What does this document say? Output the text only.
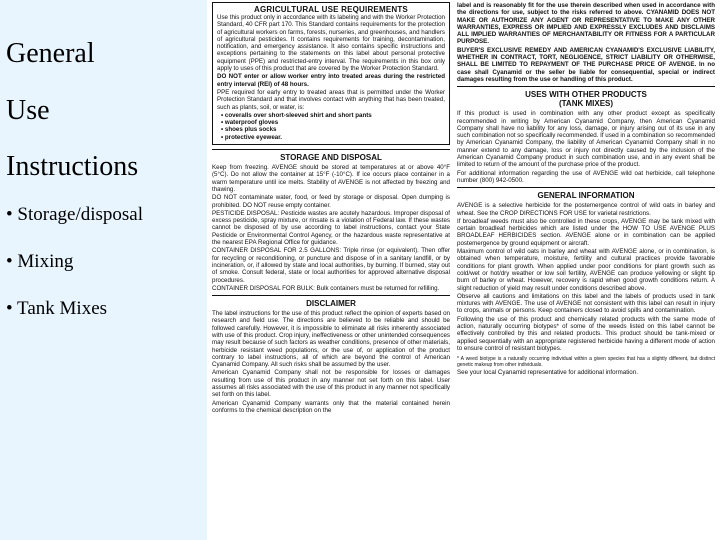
General
Use
Instructions
• Storage/disposal
• Mixing
• Tank Mixes
AGRICULTURAL USE REQUIREMENTS

Use this product only in accordance with its labeling and with the Worker Protection Standard, 40 CFR part 170. This Standard contains requirements for the protection of agricultural workers on farms, forests, nurseries, and greenhouses, and handlers of agricultural pesticides. It contains requirements for training, decontamination, notification, and emergency assistance. It also contains specific instructions and exceptions pertaining to the statements on this label about personal protective equipment (PPE) and restricted-entry interval. The requirements in this box only apply to uses of this product that are covered by the Worker Protection Standard.

DO NOT enter or allow worker entry into treated areas during the restricted entry interval (REI) of 48 hours.

PPE required for early entry to treated areas that is permitted under the Worker Protection Standard and that involves contact with anything that has been treated, such as plants, soil, or water, is:

• coveralls over short-sleeved shirt and short pants
• waterproof gloves
• shoes plus socks
• protective eyewear.
STORAGE AND DISPOSAL

Keep from freezing. AVENGE should be stored at temperatures at or above 40°F (5°C). Do not allow the container at 15°F (-10°C). If ice occurs place container in a warm temperature until ice melts. Stability of AVENGE is not affected by freezing and thawing.

DO NOT contaminate water, food, or feed by storage or disposal. Open dumping is prohibited. DO NOT reuse empty container.

PESTICIDE DISPOSAL: Pesticide wastes are acutely hazardous. Improper disposal of excess pesticide, spray mixture, or rinsate is a violation of Federal law. If these wastes cannot be disposed of by use according to label instructions, contact your State Pesticide or Environmental Control Agency, or the hazardous waste representative at the nearest EPA Regional Office for guidance.

CONTAINER DISPOSAL FOR 2.5 GALLONS: Triple rinse (or equivalent). Then offer for recycling or reconditioning, or puncture and dispose of in a sanitary landfill, or by incineration, or, if allowed by state and local authorities, by burning. If burned, stay out of smoke. Consult federal, state or local authorities for approved alternative disposal procedures.

CONTAINER DISPOSAL FOR BULK: Bulk containers must be returned for refilling.

DISCLAIMER

The label instructions for the use of this product reflect the opinion of experts based on research and field use. The directions are believed to be reliable and should be followed carefully. However, it is impossible to eliminate all risks inherently associated with use of this product. Crop injury, ineffectiveness or other unintended consequences may result because of such factors as weather conditions, presence of other materials, herbicide resistant weed populations, or the use of, or application of the product contrary to label instructions, all of which are beyond the control of American Cyanamid Company. All such risks shall be assumed by the user.

American Cyanamid Company shall not be responsible for losses or damages resulting from use of this product in any manner not set forth on this label. User assumes all risks associated with the use of this product in any manner not specifically set forth on this label.

American Cyanamid Company warrants only that the material contained herein conforms to the chemical description on the

label and is reasonably fit for the use therein described when used in accordance with the directions for use, subject to the risks referred to above. CYANAMID DOES NOT MAKE OR AUTHORIZE ANY AGENT OR REPRESENTATIVE TO MAKE ANY OTHER WARRANTIES, EXPRESS OR IMPLIED AND EXPRESSLY EXCLUDES AND DISCLAIMS ALL IMPLIED WARRANTIES OF MERCHANTABILITY OR FITNESS FOR A PARTICULAR PURPOSE.

BUYER'S EXCLUSIVE REMEDY AND AMERICAN CYANAMID'S EXCLUSIVE LIABILITY, WHETHER IN CONTRACT, TORT, NEGLIGENCE, STRICT LIABILITY OR OTHERWISE, SHALL BE LIMITED TO REPAYMENT OF THE PURCHASE PRICE OF AVENGE. In no case shall Cyanamid or the seller be liable for consequential, special or indirect damages resulting from the use or handling of this product.

USES WITH OTHER PRODUCTS
(TANK MIXES)

If this product is used in combination with any other product except as specifically recommended in writing by American Cyanamid Company, then American Cyanamid Company shall have no liability for any loss, damage, or injury arising out of its use in any such combination not so specifically recommended. If used in a combination so recommended by American Cyanamid Company, the liability of American Cyanamid Company shall in no manner extend to any damage, loss or injury not directly caused by the inclusion of the American Cyanamid Company product in such combination use, and in any event shall be limited to return of the amount of the purchase price of the product.

For additional information regarding the use of AVENGE wild oat herbicide, call telephone number (800) 942-0500.

GENERAL INFORMATION

AVENGE is a selective herbicide for the postemergence control of wild oats in barley and wheat. See the CROP DIRECTIONS FOR USE for varietal restrictions.

If broadleaf weeds must also be controlled in these crops, AVENGE may be tank mixed with certain broadleaf herbicides which are listed under the HOW TO USE AVENGE PLUS BROADLEAF HERBICIDES section. AVENGE alone or in combination can be applied postemergence by ground equipment or aircraft.

Maximum control of wild oats in barley and wheat with AVENGE alone, or in combination, is obtained when temperature, moisture, fertility and cultural practices provide favorable conditions for plant growth. When applied under poor conditions for plant growth such as cold/wet or hot/dry weather or low soil fertility, AVENGE can produce yellowing or slight tip burn of barley or wheat. However, recovery is rapid when good growth conditions return. A slight reduction of yield may result under conditions described above.

Observe all cautions and limitations on this label and the labels of products used in tank mixtures with AVENGE. The use of AVENGE not consistent with this label can result in injury to crops, animals or persons. Keep containers closed to avoid spills and contamination.

Following the use of this product and chemically related products with the same mode of action, naturally occurring biotypes* of some of the weeds listed on this label cannot be effectively controlled by this and related products. This product should be tank-mixed or applied sequentially with an appropriate registered herbicide having a different mode of action to ensure control of resistant biotypes.

* A weed biotype is a naturally occurring individual within a given species that has a slightly different, but distinct genetic makeup from other individuals.

See your local Cyanamid representative for additional information.
